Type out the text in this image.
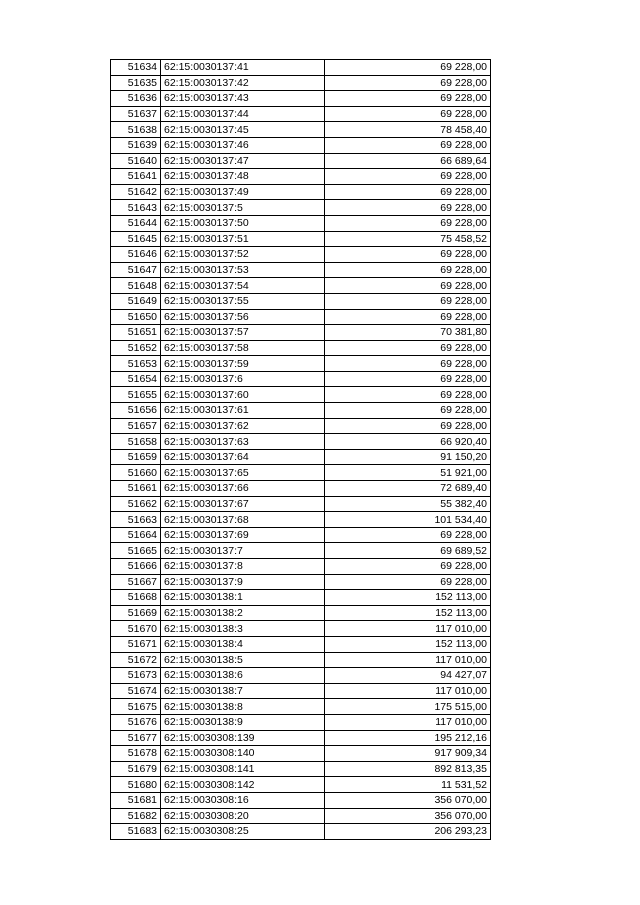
51634	62:15:0030137:41	69 228,00
51635	62:15:0030137:42	69 228,00
51636	62:15:0030137:43	69 228,00
51637	62:15:0030137:44	69 228,00
51638	62:15:0030137:45	78 458,40
51639	62:15:0030137:46	69 228,00
51640	62:15:0030137:47	66 689,64
51641	62:15:0030137:48	69 228,00
51642	62:15:0030137:49	69 228,00
51643	62:15:0030137:5	69 228,00
51644	62:15:0030137:50	69 228,00
51645	62:15:0030137:51	75 458,52
51646	62:15:0030137:52	69 228,00
51647	62:15:0030137:53	69 228,00
51648	62:15:0030137:54	69 228,00
51649	62:15:0030137:55	69 228,00
51650	62:15:0030137:56	69 228,00
51651	62:15:0030137:57	70 381,80
51652	62:15:0030137:58	69 228,00
51653	62:15:0030137:59	69 228,00
51654	62:15:0030137:6	69 228,00
51655	62:15:0030137:60	69 228,00
51656	62:15:0030137:61	69 228,00
51657	62:15:0030137:62	69 228,00
51658	62:15:0030137:63	66 920,40
51659	62:15:0030137:64	91 150,20
51660	62:15:0030137:65	51 921,00
51661	62:15:0030137:66	72 689,40
51662	62:15:0030137:67	55 382,40
51663	62:15:0030137:68	101 534,40
51664	62:15:0030137:69	69 228,00
51665	62:15:0030137:7	69 689,52
51666	62:15:0030137:8	69 228,00
51667	62:15:0030137:9	69 228,00
51668	62:15:0030138:1	152 113,00
51669	62:15:0030138:2	152 113,00
51670	62:15:0030138:3	117 010,00
51671	62:15:0030138:4	152 113,00
51672	62:15:0030138:5	117 010,00
51673	62:15:0030138:6	94 427,07
51674	62:15:0030138:7	117 010,00
51675	62:15:0030138:8	175 515,00
51676	62:15:0030138:9	117 010,00
51677	62:15:0030308:139	195 212,16
51678	62:15:0030308:140	917 909,34
51679	62:15:0030308:141	892 813,35
51680	62:15:0030308:142	11 531,52
51681	62:15:0030308:16	356 070,00
51682	62:15:0030308:20	356 070,00
51683	62:15:0030308:25	206 293,23
